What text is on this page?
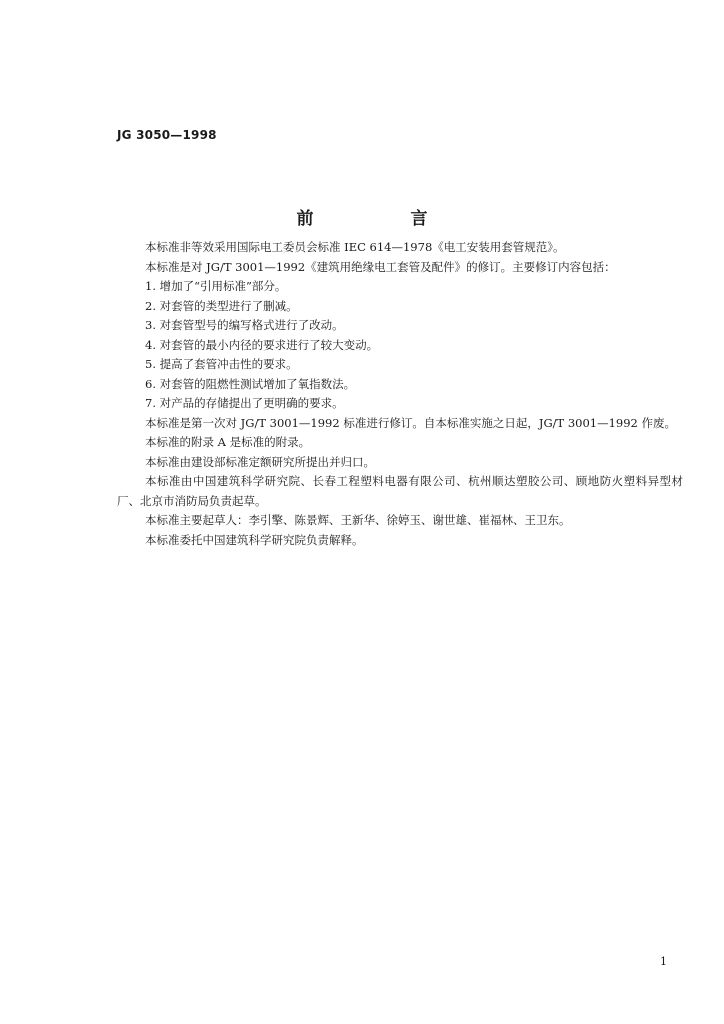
JG 3050—1998
前　言

本标准非等效采用国际电工委员会标准 IEC 614—1978《电工安装用套管规范》。

本标准是对 JG/T 3001—1992《建筑用绝缘电工套管及配件》的修订。主要修订内容包括：

1. 增加了“引用标准”部分。

2. 对套管的类型进行了删减。

3. 对套管型号的编写格式进行了改动。

4. 对套管的最小内径的要求进行了较大变动。

5. 提高了套管冲击性的要求。

6. 对套管的阻燃性测试增加了氧指数法。

7. 对产品的存储提出了更明确的要求。

本标准是第一次对 JG/T 3001—1992 标准进行修订。自本标准实施之日起，JG/T 3001—1992 作废。

本标准的附录 A 是标准的附录。

本标准由建设部标准定额研究所提出并归口。

本标准由中国建筑科学研究院、长春工程塑料电器有限公司、杭州顺达塑胶公司、顾地防火塑料异型材厂、北京市消防局负责起草。

本标准主要起草人：李引擎、陈景辉、王新华、徐婷玉、谢世雄、崔福林、王卫东。

本标准委托中国建筑科学研究院负责解释。

1
